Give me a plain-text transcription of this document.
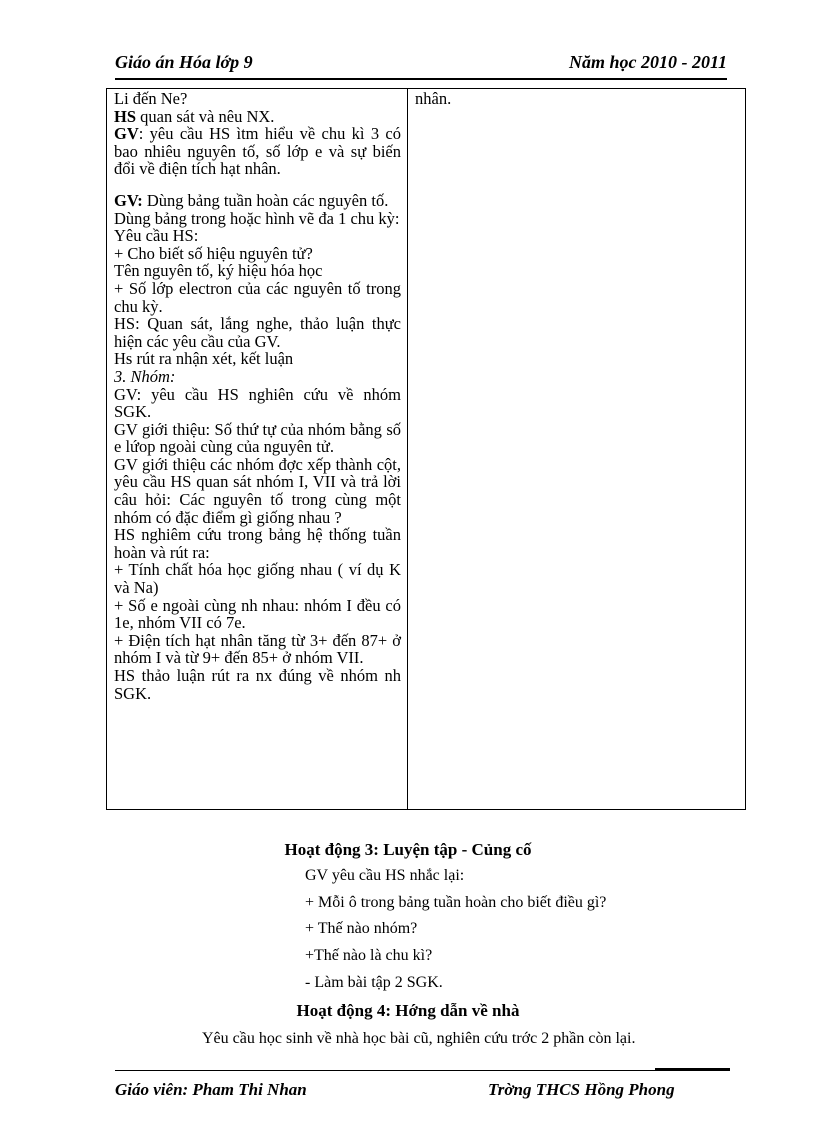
Giáo án Hóa lớp 9	Năm học 2010 - 2011

Li đến Ne?

HS quan sát và nêu NX.

GV: yêu cầu HS ìtm hiểu về chu kì 3 có bao nhiêu nguyên tố, số lớp e và sự biến đổi về điện tích hạt nhân.

GV: Dùng bảng tuần hoàn các nguyên tố.

Dùng bảng trong hoặc hình vẽ đa 1 chu kỳ:

Yêu cầu HS:

+ Cho biết số hiệu nguyên tử?

Tên nguyên tố, ký hiệu hóa học

+ Số lớp electron của các nguyên tố trong chu kỳ.

HS: Quan sát, lắng nghe, thảo luận thực hiện các yêu cầu của GV.

Hs rút ra nhận xét, kết luận

3. Nhóm:

GV: yêu cầu HS nghiên cứu về nhóm SGK.

GV giới thiệu: Số thứ tự của nhóm bằng số e lứop ngoài cùng của nguyên tử.

GV giới thiệu các nhóm đợc xếp thành cột, yêu cầu HS quan sát nhóm I, VII và trả lời câu hỏi: Các nguyên tố trong cùng một nhóm có đặc điểm gì giống nhau ?

HS nghiêm cứu trong bảng hệ thống tuần hoàn và rút ra:

+ Tính chất hóa học giống nhau ( ví dụ K và Na)

+ Số e ngoài cùng nh nhau: nhóm I đều có 1e, nhóm VII có 7e.

+ Điện tích hạt nhân tăng từ 3+ đến 87+ ở nhóm I và từ 9+ đến 85+ ở nhóm VII.

HS thảo luận rút ra nx đúng về nhóm nh SGK.

nhân.
Hoạt động 3: Luyện tập - Củng cố
GV yêu cầu HS nhắc lại:
+ Mỗi ô trong bảng tuần hoàn cho biết điều gì?
+ Thế nào nhóm?
+Thế nào là chu kì?
- Làm bài tập 2 SGK.
Hoạt động 4: Hớng dẫn về nhà
Yêu cầu học sinh về nhà học bài cũ, nghiên cứu trớc 2 phần còn lại.
Giáo viên: Pham Thi Nhan	Trờng THCS Hồng Phong
